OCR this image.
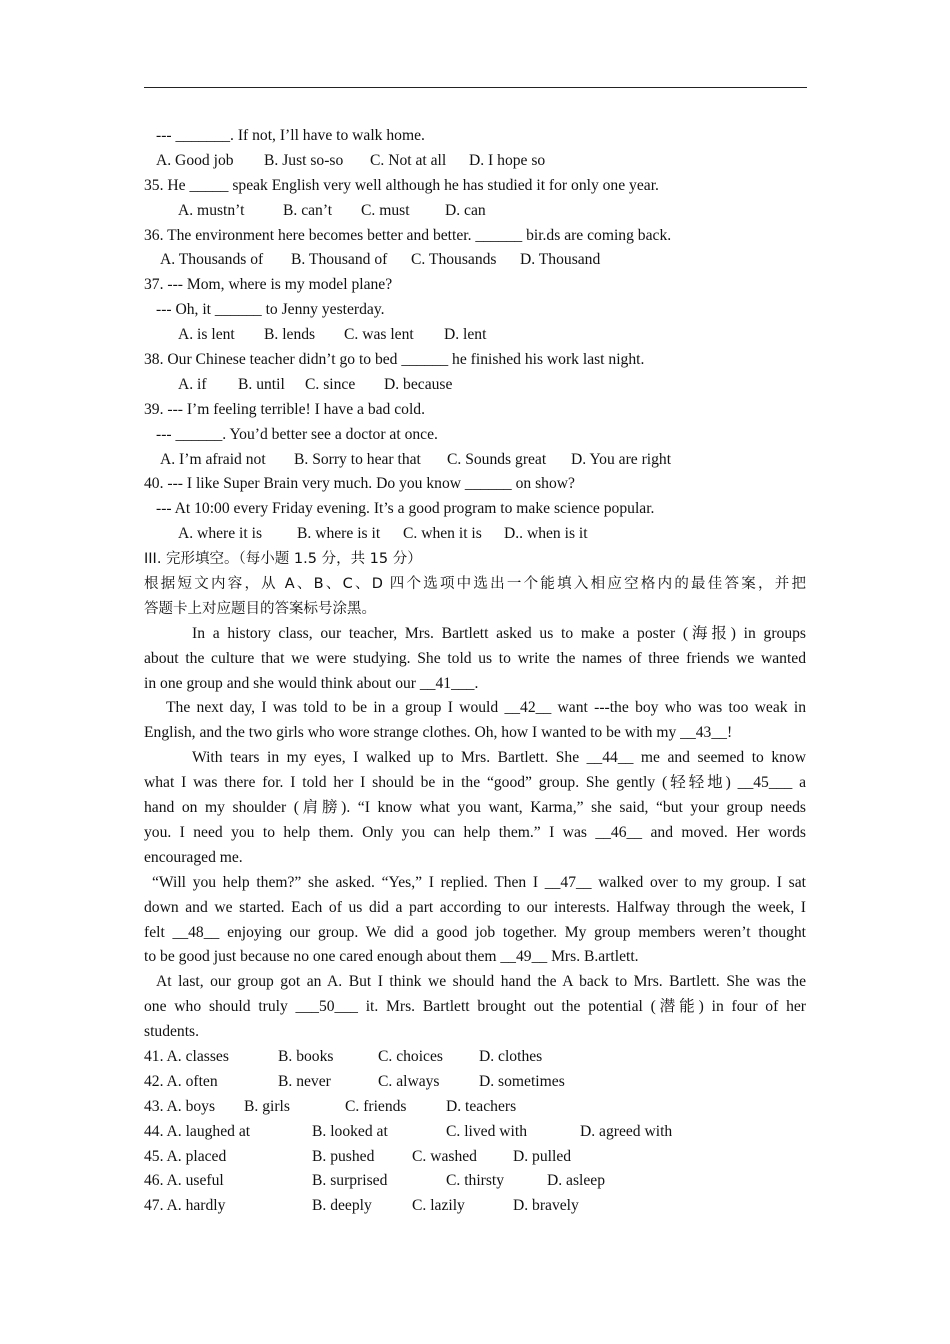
--- _______. If not, I’ll have to walk home.
A. Good job B. Just so-so C. Not at all D. I hope so
35. He _____ speak English very well although he has studied it for only one year.
A. mustn’t B. can’t C. must D. can
36. The environment here becomes better and better. ______ bir.ds are coming back.
A. Thousands of B. Thousand of C. Thousands D. Thousand
37. --- Mom, where is my model plane?
--- Oh, it ______ to Jenny yesterday.
A. is lent B. lends C. was lent D. lent
38. Our Chinese teacher didn’t go to bed ______ he finished his work last night.
A. if B. until C. since D. because
39. --- I’m feeling terrible! I have a bad cold.
--- ______. You’d better see a doctor at once.
A. I’m afraid not B. Sorry to hear that C. Sounds great D. You are right
40. --- I like Super Brain very much. Do you know ______ on show?
--- At 10:00 every Friday evening. It’s a good program to make science popular.
A. where it is B. where is it C. when it is D.. when is it
III. 完形填空。（每小题 1.5 分，共 15 分）
根据短文内容，从 A、B、C、D 四个选项中选出一个能填入相应空格内的最佳答案，并把
答题卡上对应题目的答案标号涂黑。
In a history class, our teacher, Mrs. Bartlett asked us to make a poster (海报) in groups
about the culture that we were studying. She told us to write the names of three friends we wanted
in one group and she would think about our __41___.
The next day, I was told to be in a group I would __42__ want ---the boy who was too weak in
English, and the two girls who wore strange clothes. Oh, how I wanted to be with my __43__!
With tears in my eyes, I walked up to Mrs. Bartlett. She __44__ me and seemed to know
what I was there for. I told her I should be in the “good” group. She gently (轻轻地) __45___ a
hand on my shoulder (肩膀). “I know what you want, Karma,” she said, “but your group needs
you. I need you to help them. Only you can help them.” I was __46__ and moved. Her words
encouraged me.
“Will you help them?” she asked. “Yes,” I replied. Then I __47__ walked over to my group. I sat
down and we started. Each of us did a part according to our interests. Halfway through the week, I
felt __48__ enjoying our group. We did a good job together. My group members weren’t thought
to be good just because no one cared enough about them __49__ Mrs. B.artlett.
At last, our group got an A. But I think we should hand the A back to Mrs. Bartlett. She was the
one who should truly ___50___ it. Mrs. Bartlett brought out the potential (潜能) in four of her
students.
41. A. classes	B. books	C. choices D. clothes
42. A. often	B. never	C. always	D. sometimes
43. A. boys B. girls	C. friends	D. teachers
44. A. laughed at	B. looked at	C. lived with	D. agreed with
45. A. placed	B. pushed C. washed D. pulled
46. A. useful	B. surprised	C. thirsty	D. asleep
47. A. hardly	B. deeply	C. lazily	D. bravely
